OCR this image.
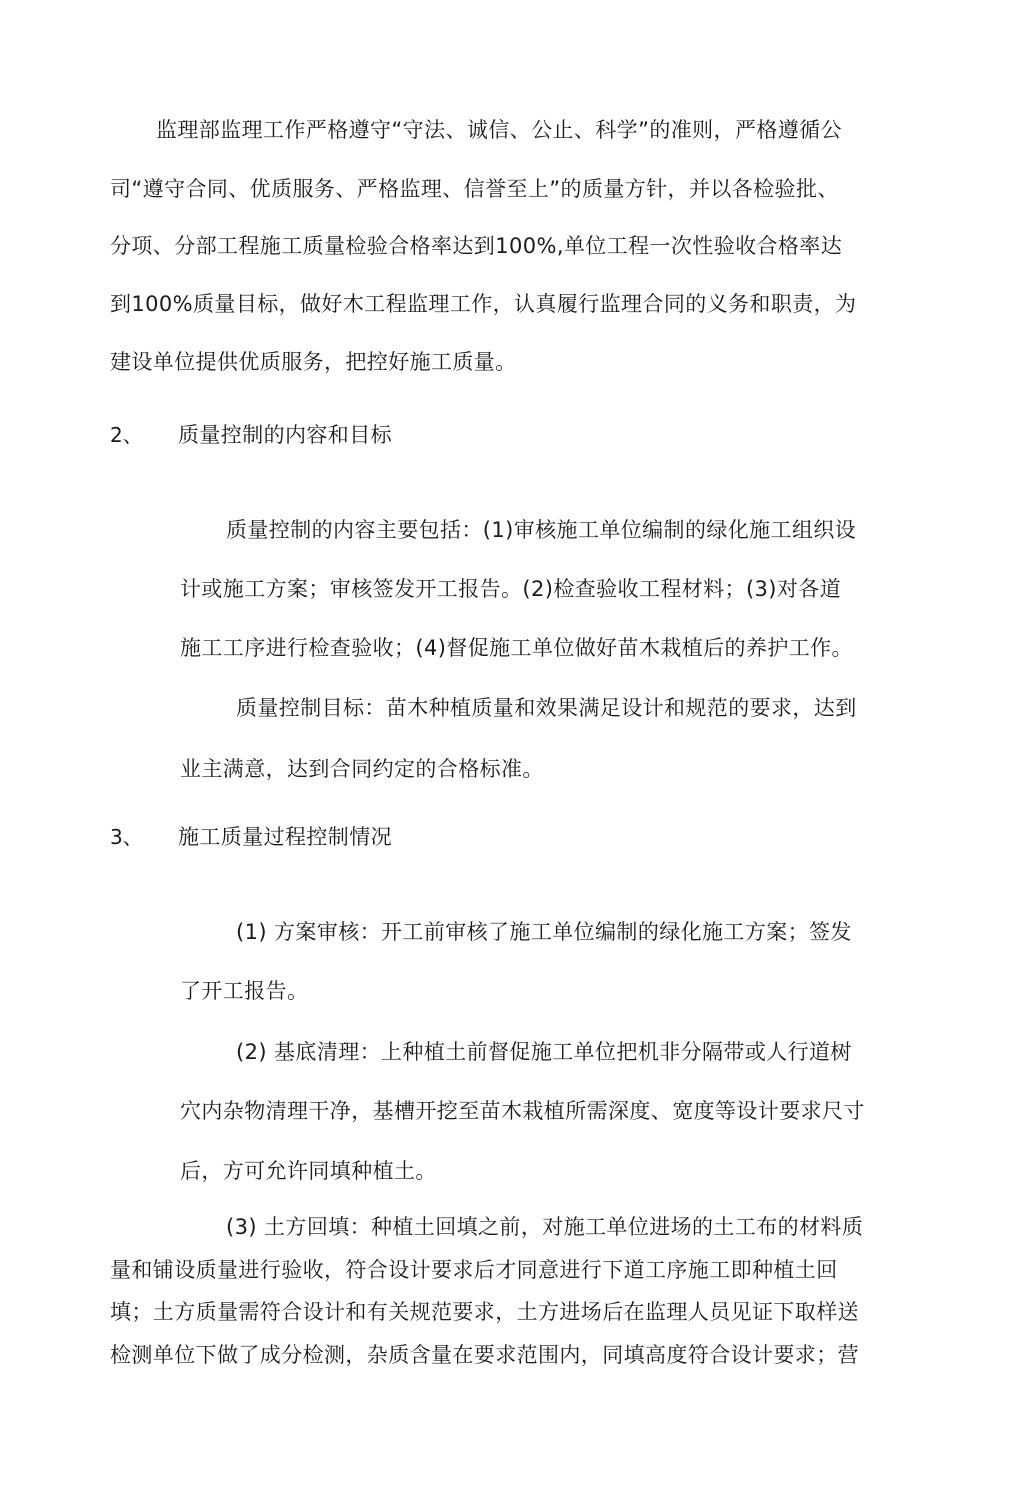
监理部监理工作严格遵守“守法、诚信、公止、科学”的准则，严格遵循公
司“遵守合同、优质服务、严格监理、信誉至上”的质量方针，并以各检验批、
分项、分部工程施工质量检验合格率达到100%,单位工程一次性验收合格率达
到100%质量目标，做好木工程监理工作，认真履行监理合同的义务和职责，为
建设单位提供优质服务，把控好施工质量。
2、 质量控制的内容和目标
质量控制的内容主要包括：(1)审核施工单位编制的绿化施工组织设
计或施工方案；审核签发开工报告。(2)检查验收工程材料；(3)对各道
施工工序进行检查验收；(4)督促施工单位做好苗木栽植后的养护工作。
质量控制目标：苗木种植质量和效果满足设计和规范的要求，达到
业主满意，达到合同约定的合格标准。
3、 施工质量过程控制情况
(1) 方案审核：开工前审核了施工单位编制的绿化施工方案；签发
了开工报告。
(2) 基底清理：上种植土前督促施工单位把机非分隔带或人行道树
穴内杂物清理干净，基槽开挖至苗木栽植所需深度、宽度等设计要求尺寸
后，方可允许同填种植土。
(3) 土方回填：种植土回填之前，对施工单位进场的土工布的材料质
量和铺设质量进行验收，符合设计要求后才同意进行下道工序施工即种植土回
填；土方质量需符合设计和有关规范要求，土方进场后在监理人员见证下取样送
检测单位下做了成分检测，杂质含量在要求范围内，同填高度符合设计要求；营
